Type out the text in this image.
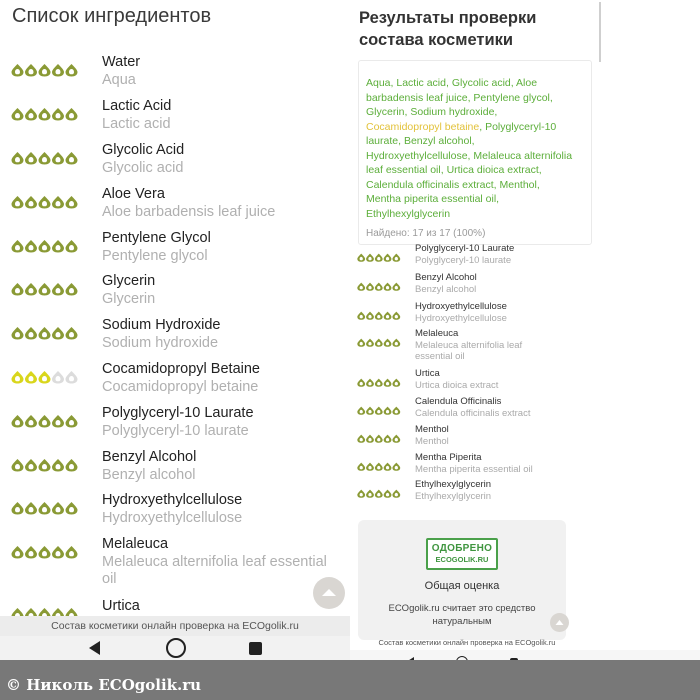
Список ингредиентов
Water
Aqua
Lactic Acid
Lactic acid
Glycolic Acid
Glycolic acid
Aloe Vera
Aloe barbadensis leaf juice
Pentylene Glycol
Pentylene glycol
Glycerin
Glycerin
Sodium Hydroxide
Sodium hydroxide
Cocamidopropyl Betaine
Cocamidopropyl betaine
Polyglyceryl-10 Laurate
Polyglyceryl-10 laurate
Benzyl Alcohol
Benzyl alcohol
Hydroxyethylcellulose
Hydroxyethylcellulose
Melaleuca
Melaleuca alternifolia leaf essential oil
Urtica
Состав косметики онлайн проверка на ECOgolik.ru
Результаты проверки состава косметики
Aqua, Lactic acid, Glycolic acid, Aloe barbadensis leaf juice, Pentylene glycol, Glycerin, Sodium hydroxide, Cocamidopropyl betaine, Polyglyceryl-10 laurate, Benzyl alcohol, Hydroxyethylcellulose, Melaleuca alternifolia leaf essential oil, Urtica dioica extract, Calendula officinalis extract, Menthol, Mentha piperita essential oil, Ethylhexylglycerin
Найдено: 17 из 17 (100%)
Polyglyceryl-10 Laurate
Polyglyceryl-10 laurate
Benzyl Alcohol
Benzyl alcohol
Hydroxyethylcellulose
Hydroxyethylcellulose
Melaleuca
Melaleuca alternifolia leaf essential oil
Urtica
Urtica dioica extract
Calendula Officinalis
Calendula officinalis extract
Menthol
Menthol
Mentha Piperita
Mentha piperita essential oil
Ethylhexylglycerin
Ethylhexylglycerin
ОДОБРЕНО
ECOGOLIK.RU
Общая оценка
ECOgolik.ru считает это средство натуральным
Состав косметики онлайн проверка на ECOgolik.ru
© Николь ECOgolik.ru
